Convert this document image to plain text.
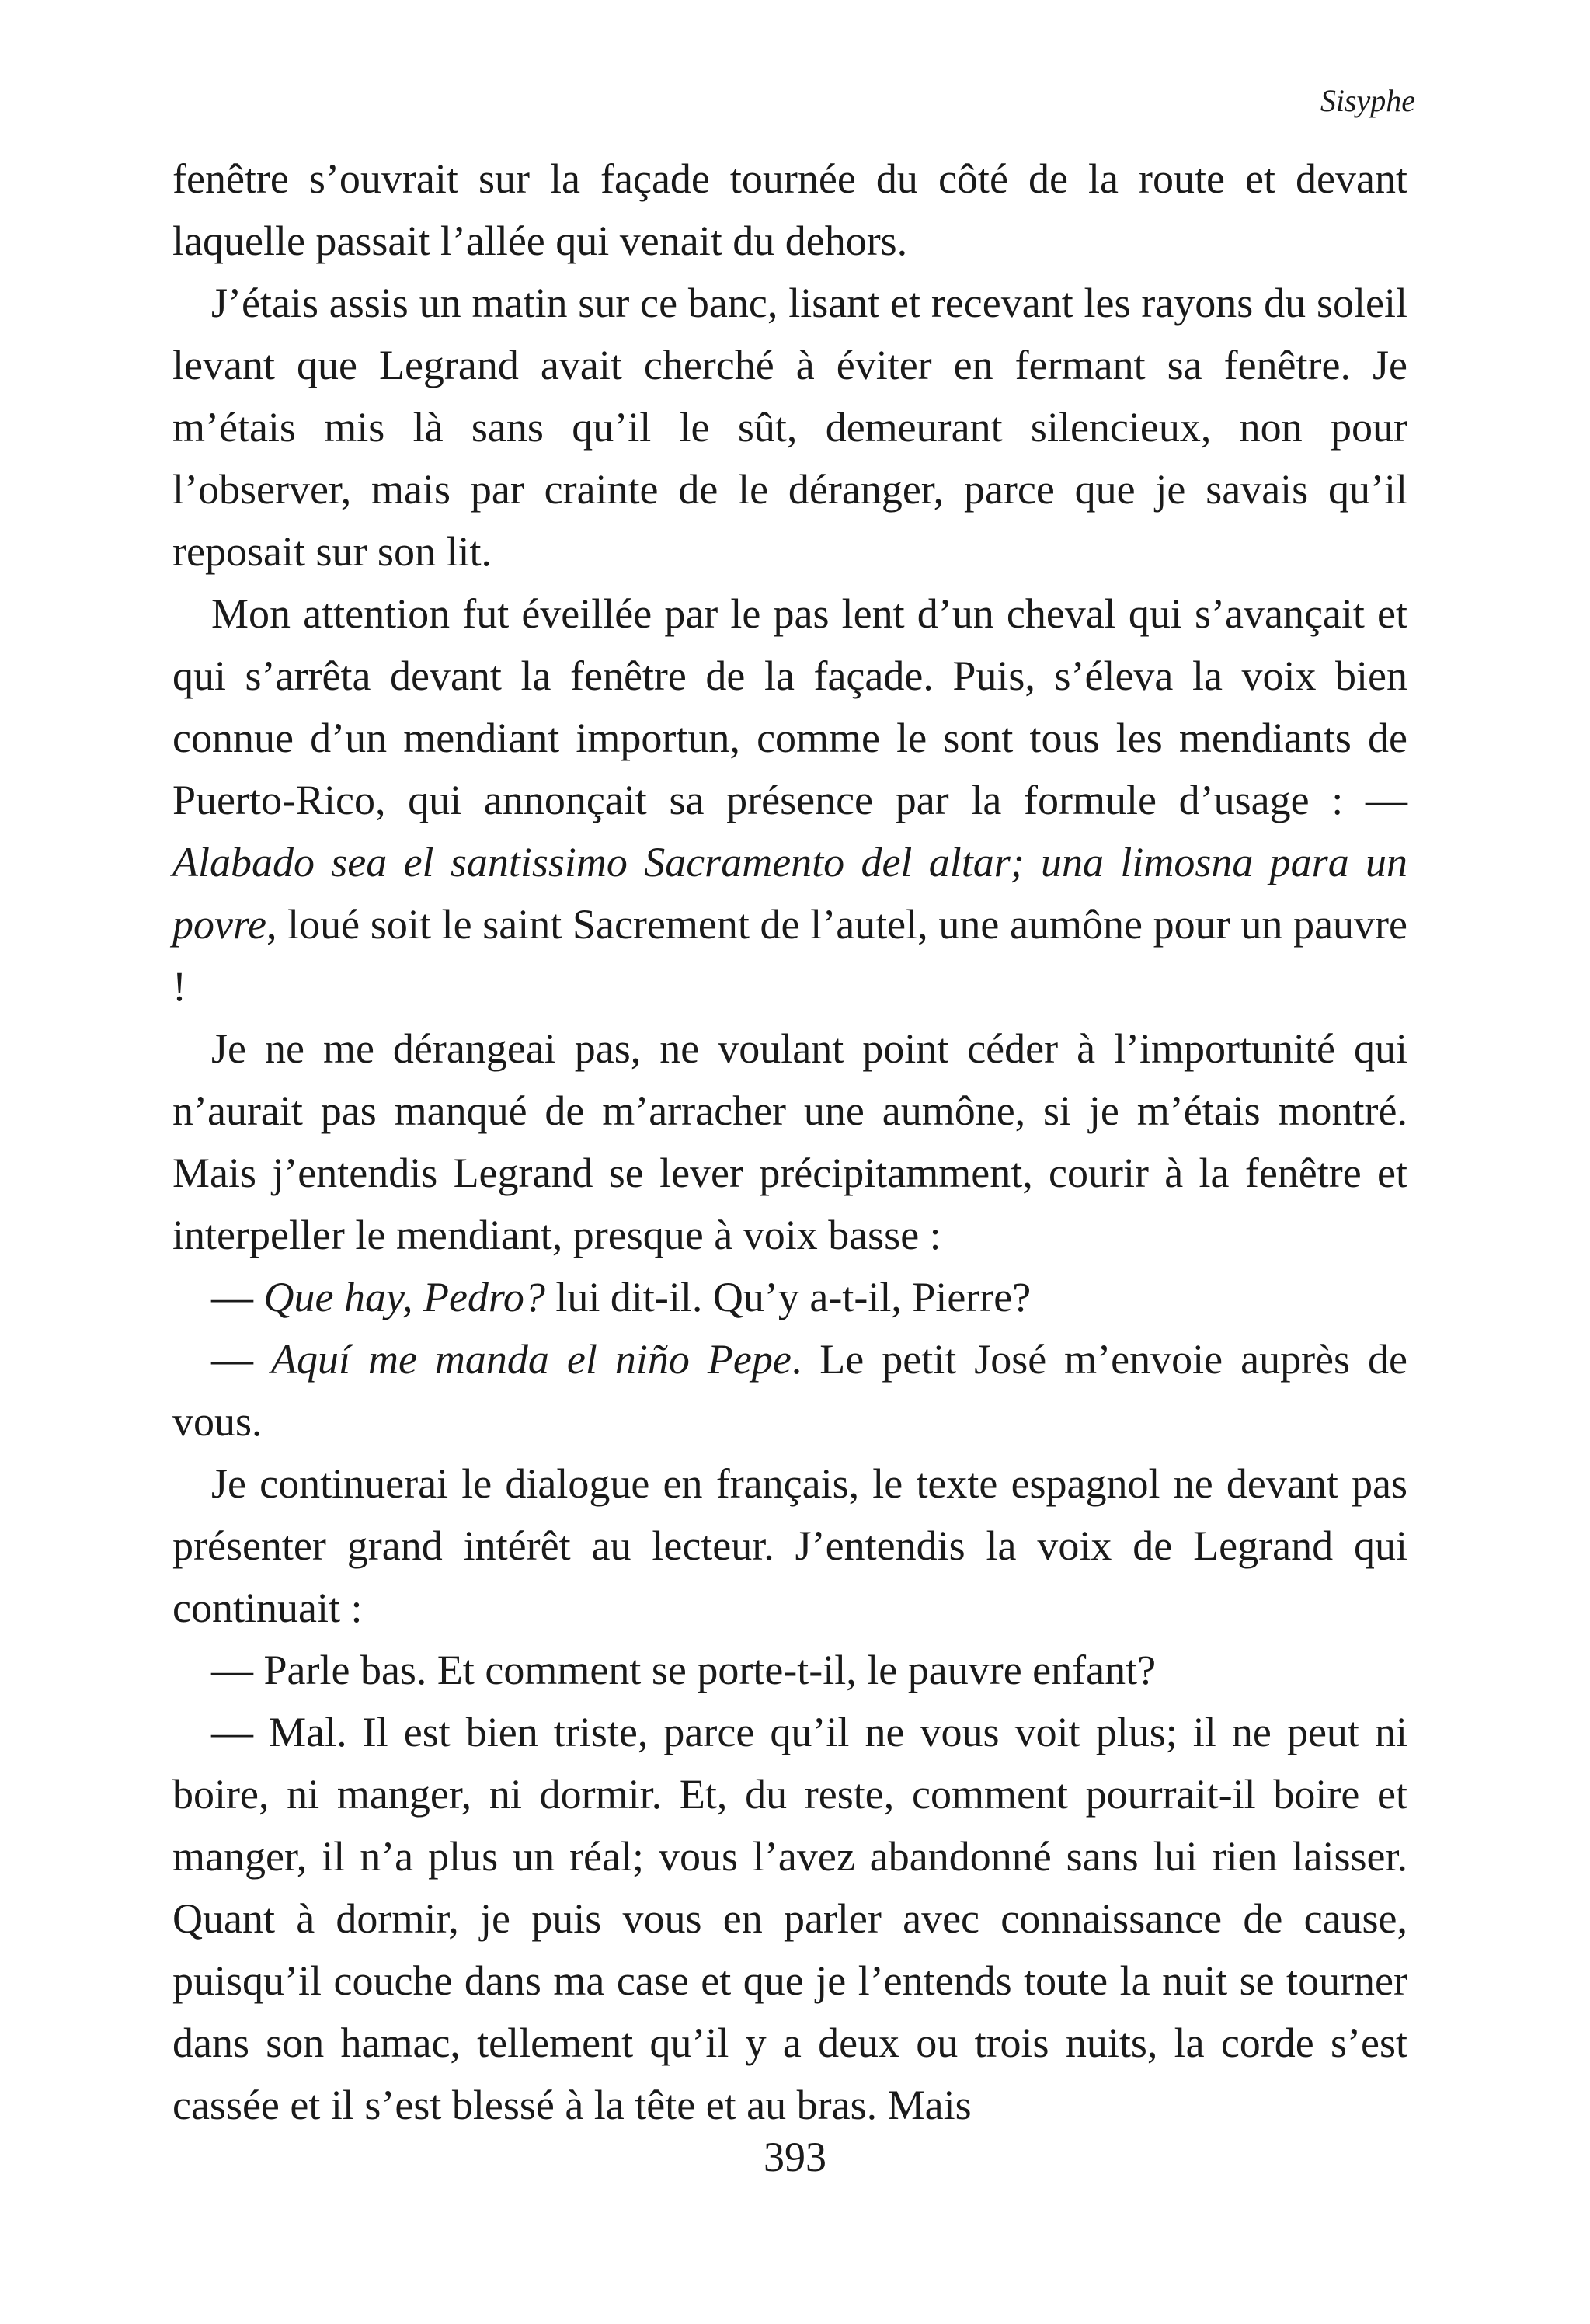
Sisyphe

fenêtre s’ouvrait sur la façade tournée du côté de la route et devant laquelle passait l’allée qui venait du dehors.

J’étais assis un matin sur ce banc, lisant et recevant les rayons du soleil levant que Legrand avait cherché à éviter en fermant sa fenêtre. Je m’étais mis là sans qu’il le sût, demeurant silencieux, non pour l’observer, mais par crainte de le déranger, parce que je savais qu’il reposait sur son lit.

Mon attention fut éveillée par le pas lent d’un cheval qui s’avançait et qui s’arrêta devant la fenêtre de la façade. Puis, s’éleva la voix bien connue d’un mendiant importun, comme le sont tous les mendiants de Puerto-Rico, qui annonçait sa présence par la formule d’usage : — Alabado sea el santissimo Sacramento del altar; una limosna para un povre, loué soit le saint Sacrement de l’autel, une aumône pour un pauvre !

Je ne me dérangeai pas, ne voulant point céder à l’importunité qui n’aurait pas manqué de m’arracher une aumône, si je m’étais montré. Mais j’entendis Legrand se lever précipitamment, courir à la fenêtre et interpeller le mendiant, presque à voix basse :

— Que hay, Pedro? lui dit-il. Qu’y a-t-il, Pierre?

— Aquí me manda el niño Pepe. Le petit José m’envoie auprès de vous.

Je continuerai le dialogue en français, le texte espagnol ne devant pas présenter grand intérêt au lecteur. J’entendis la voix de Legrand qui continuait :

— Parle bas. Et comment se porte-t-il, le pauvre enfant?

— Mal. Il est bien triste, parce qu’il ne vous voit plus; il ne peut ni boire, ni manger, ni dormir. Et, du reste, comment pourrait-il boire et manger, il n’a plus un réal; vous l’avez abandonné sans lui rien laisser. Quant à dormir, je puis vous en parler avec connaissance de cause, puisqu’il couche dans ma case et que je l’entends toute la nuit se tourner dans son hamac, tellement qu’il y a deux ou trois nuits, la corde s’est cassée et il s’est blessé à la tête et au bras. Mais

393
